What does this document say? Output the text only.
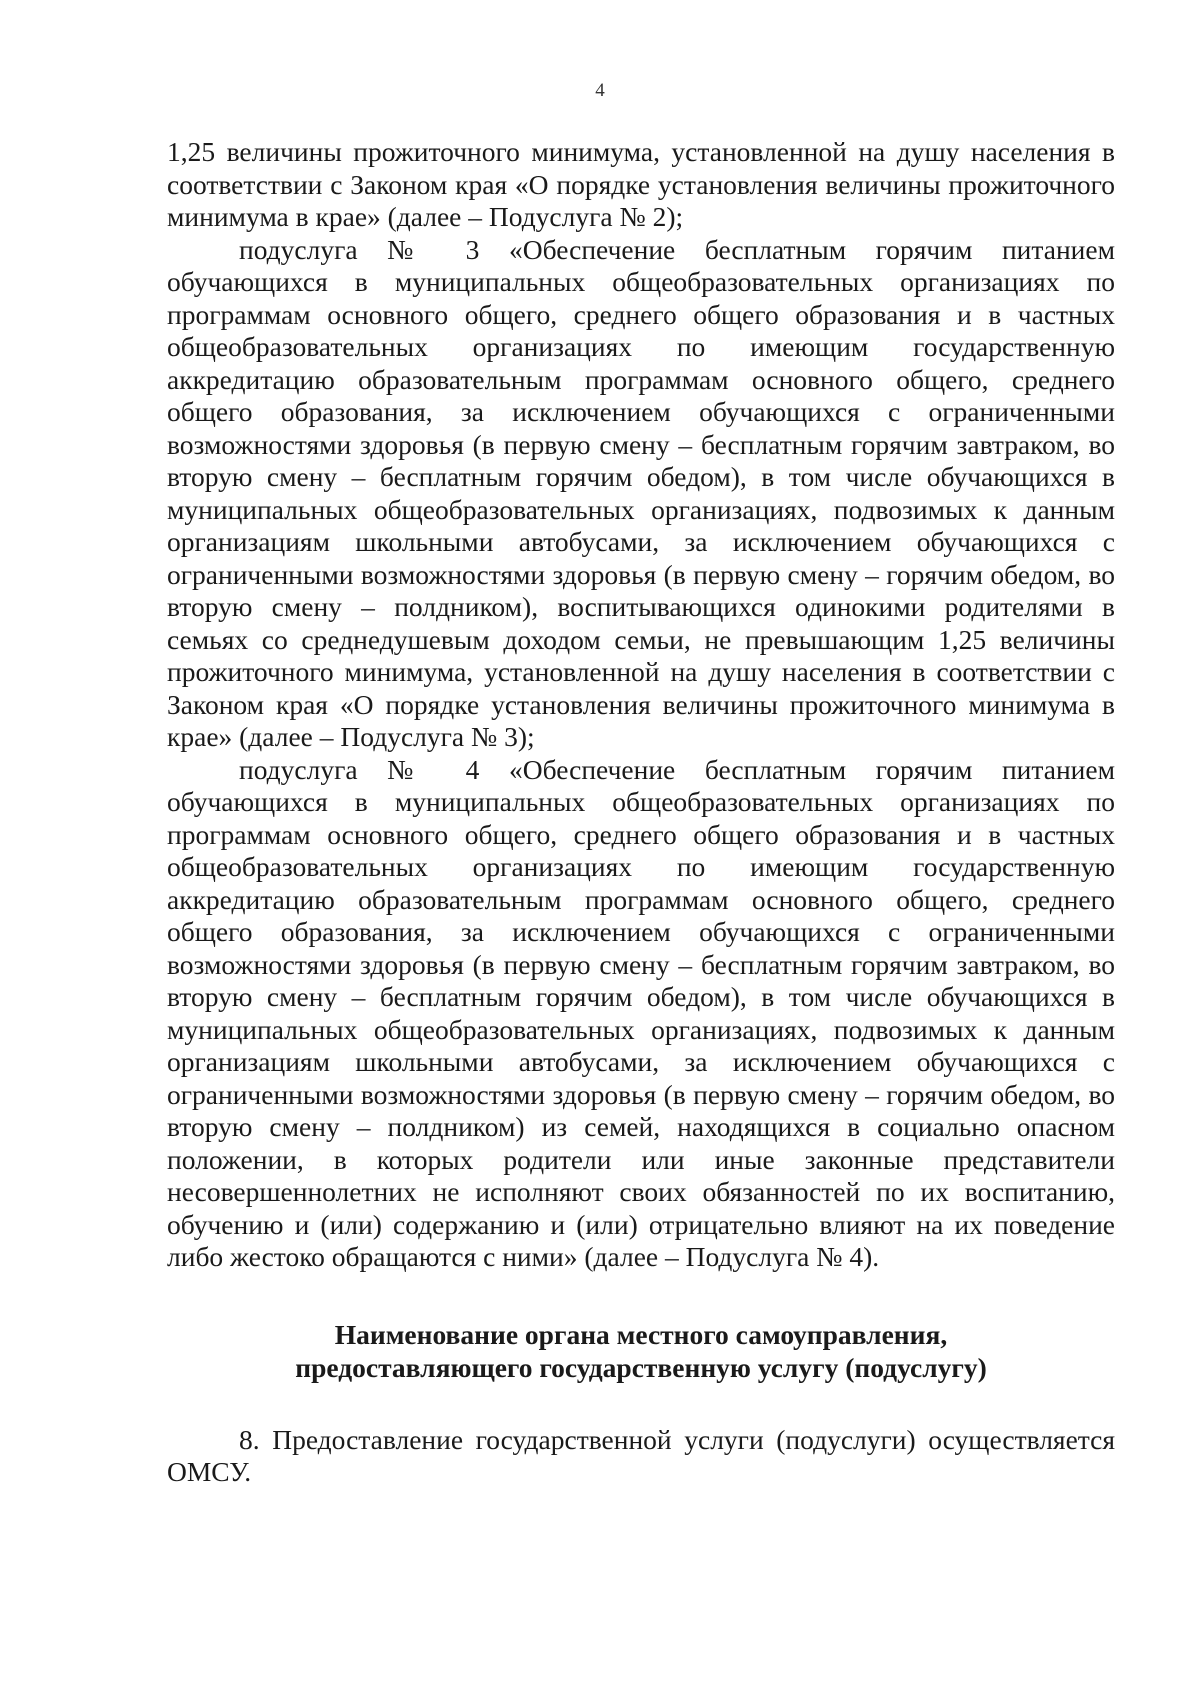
4

1,25 величины прожиточного минимума, установленной на душу населения в соответствии с Законом края «О порядке установления величины прожиточного минимума в крае» (далее – Подуслуга № 2);

подуслуга № 3 «Обеспечение бесплатным горячим питанием обучающихся в муниципальных общеобразовательных организациях по программам основного общего, среднего общего образования и в частных общеобразовательных организациях по имеющим государственную аккредитацию образовательным программам основного общего, среднего общего образования, за исключением обучающихся с ограниченными возможностями здоровья (в первую смену – бесплатным горячим завтраком, во вторую смену – бесплатным горячим обедом), в том числе обучающихся в муниципальных общеобразовательных организациях, подвозимых к данным организациям школьными автобусами, за исключением обучающихся с ограниченными возможностями здоровья (в первую смену – горячим обедом, во вторую смену – полдником), воспитывающихся одинокими родителями в семьях со среднедушевым доходом семьи, не превышающим 1,25 величины прожиточного минимума, установленной на душу населения в соответствии с Законом края «О порядке установления величины прожиточного минимума в крае» (далее – Подуслуга № 3);

подуслуга № 4 «Обеспечение бесплатным горячим питанием обучающихся в муниципальных общеобразовательных организациях по программам основного общего, среднего общего образования и в частных общеобразовательных организациях по имеющим государственную аккредитацию образовательным программам основного общего, среднего общего образования, за исключением обучающихся с ограниченными возможностями здоровья (в первую смену – бесплатным горячим завтраком, во вторую смену – бесплатным горячим обедом), в том числе обучающихся в муниципальных общеобразовательных организациях, подвозимых к данным организациям школьными автобусами, за исключением обучающихся с ограниченными возможностями здоровья (в первую смену – горячим обедом, во вторую смену – полдником) из семей, находящихся в социально опасном положении, в которых родители или иные законные представители несовершеннолетних не исполняют своих обязанностей по их воспитанию, обучению и (или) содержанию и (или) отрицательно влияют на их поведение либо жестоко обращаются с ними» (далее – Подуслуга № 4).

Наименование органа местного самоуправления,
предоставляющего государственную услугу (подуслугу)

8. Предоставление государственной услуги (подуслуги) осуществляется ОМСУ.
